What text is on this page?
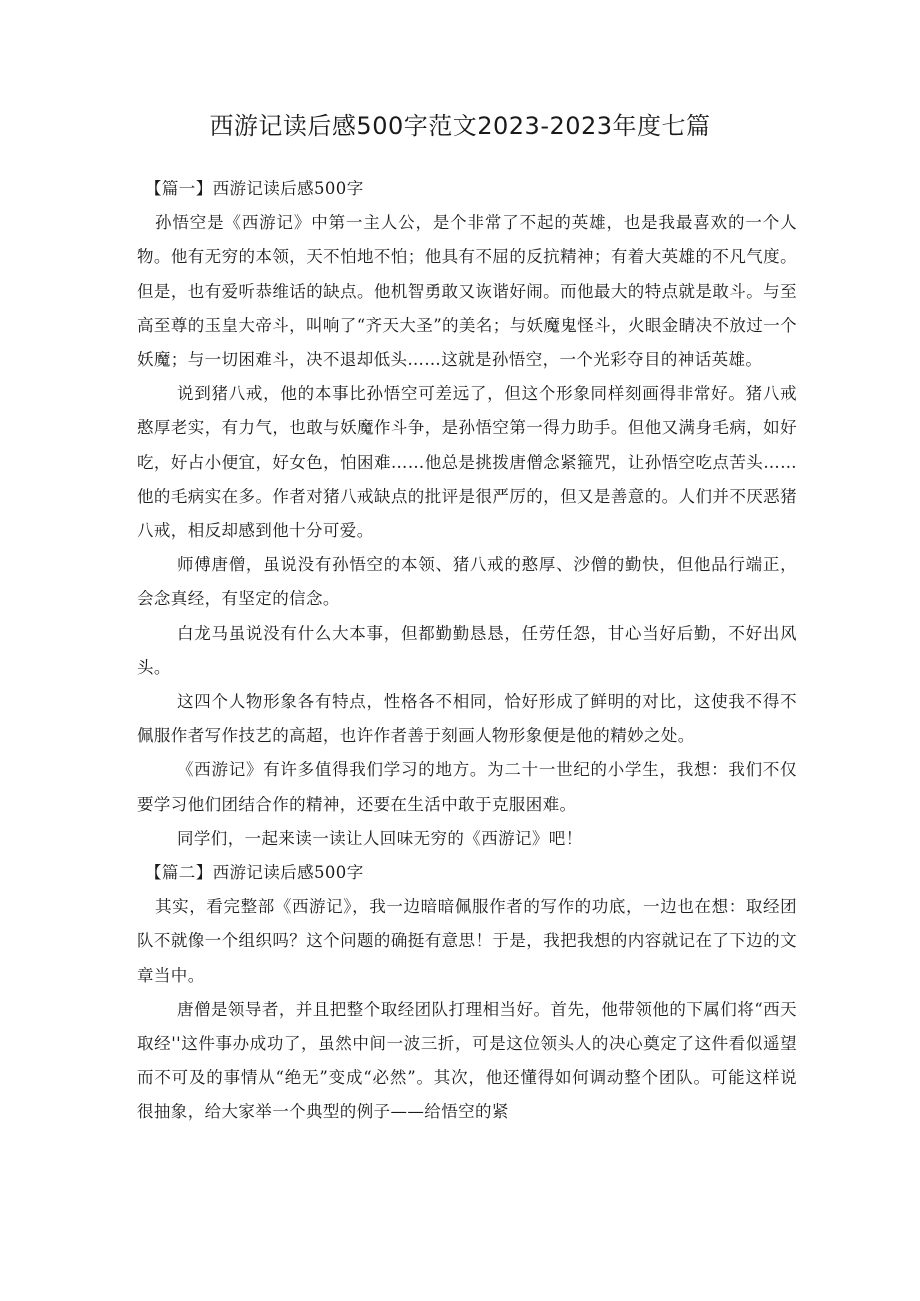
西游记读后感500字范文2023-2023年度七篇

【篇一】西游记读后感500字

孙悟空是《西游记》中第一主人公，是个非常了不起的英雄，也是我最喜欢的一个人物。他有无穷的本领，天不怕地不怕；他具有不屈的反抗精神；有着大英雄的不凡气度。但是，也有爱听恭维话的缺点。他机智勇敢又诙谐好闹。而他最大的特点就是敢斗。与至高至尊的玉皇大帝斗，叫响了“齐天大圣”的美名；与妖魔鬼怪斗，火眼金睛决不放过一个妖魔；与一切困难斗，决不退却低头……这就是孙悟空，一个光彩夺目的神话英雄。

说到猪八戒，他的本事比孙悟空可差远了，但这个形象同样刻画得非常好。猪八戒憨厚老实，有力气，也敢与妖魔作斗争，是孙悟空第一得力助手。但他又满身毛病，如好吃，好占小便宜，好女色，怕困难……他总是挑拨唐僧念紧箍咒，让孙悟空吃点苦头……他的毛病实在多。作者对猪八戒缺点的批评是很严厉的，但又是善意的。人们并不厌恶猪八戒，相反却感到他十分可爱。

师傅唐僧，虽说没有孙悟空的本领、猪八戒的憨厚、沙僧的勤快，但他品行端正，会念真经，有坚定的信念。

白龙马虽说没有什么大本事，但都勤勤恳恳，任劳任怨，甘心当好后勤，不好出风头。

这四个人物形象各有特点，性格各不相同，恰好形成了鲜明的对比，这使我不得不佩服作者写作技艺的高超，也许作者善于刻画人物形象便是他的精妙之处。

《西游记》有许多值得我们学习的地方。为二十一世纪的小学生，我想：我们不仅要学习他们团结合作的精神，还要在生活中敢于克服困难。

同学们，一起来读一读让人回味无穷的《西游记》吧！

【篇二】西游记读后感500字

其实，看完整部《西游记》，我一边暗暗佩服作者的写作的功底，一边也在想：取经团队不就像一个组织吗？这个问题的确挺有意思！于是，我把我想的内容就记在了下边的文章当中。

唐僧是领导者，并且把整个取经团队打理相当好。首先，他带领他的下属们将“西天取经''这件事办成功了，虽然中间一波三折，可是这位领头人的决心奠定了这件看似遥望而不可及的事情从“绝无”变成“必然”。其次，他还懂得如何调动整个团队。可能这样说很抽象，给大家举一个典型的例子——给悟空的紧
